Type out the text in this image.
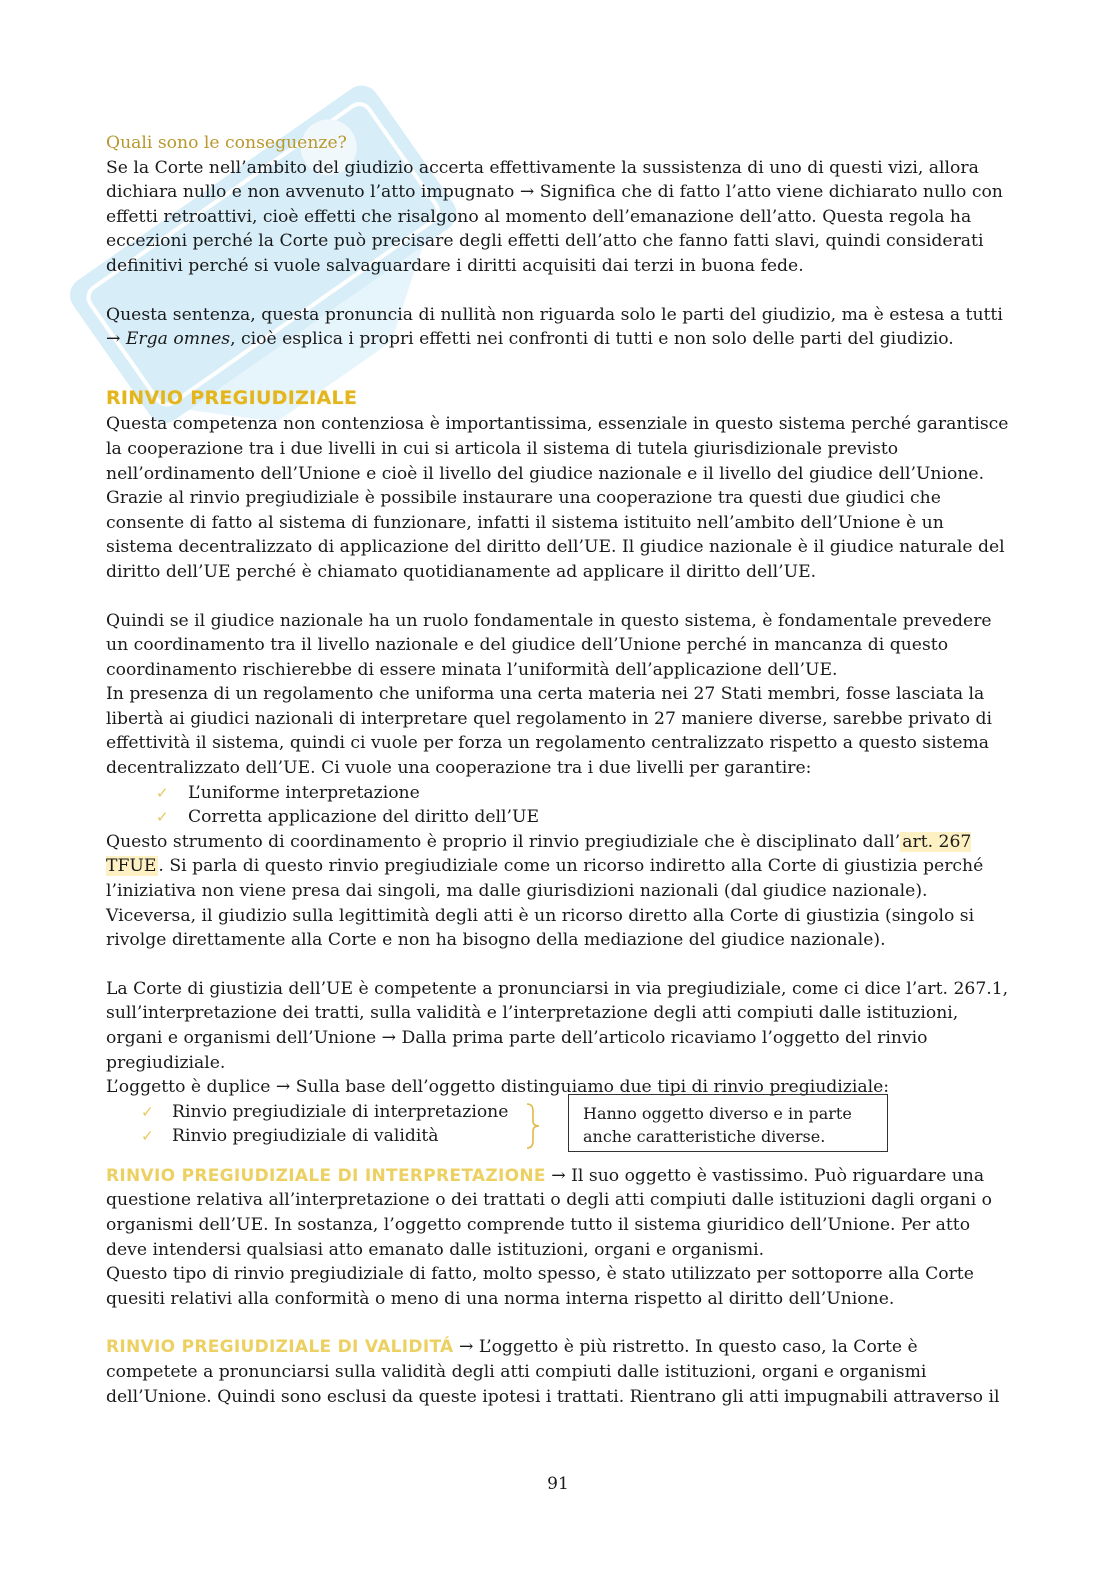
Quali sono le conseguenze?

Se la Corte nell’ambito del giudizio accerta effettivamente la sussistenza di uno di questi vizi, allora dichiara nullo e non avvenuto l’atto impugnato → Significa che di fatto l’atto viene dichiarato nullo con effetti retroattivi, cioè effetti che risalgono al momento dell’emanazione dell’atto. Questa regola ha eccezioni perché la Corte può precisare degli effetti dell’atto che fanno fatti slavi, quindi considerati definitivi perché si vuole salvaguardare i diritti acquisiti dai terzi in buona fede.

Questa sentenza, questa pronuncia di nullità non riguarda solo le parti del giudizio, ma è estesa a tutti → Erga omnes, cioè esplica i propri effetti nei confronti di tutti e non solo delle parti del giudizio.

RINVIO PREGIUDIZIALE

Questa competenza non contenziosa è importantissima, essenziale in questo sistema perché garantisce la cooperazione tra i due livelli in cui si articola il sistema di tutela giurisdizionale previsto nell’ordinamento dell’Unione e cioè il livello del giudice nazionale e il livello del giudice dell’Unione. Grazie al rinvio pregiudiziale è possibile instaurare una cooperazione tra questi due giudici che consente di fatto al sistema di funzionare, infatti il sistema istituito nell’ambito dell’Unione è un sistema decentralizzato di applicazione del diritto dell’UE. Il giudice nazionale è il giudice naturale del diritto dell’UE perché è chiamato quotidianamente ad applicare il diritto dell’UE.

Quindi se il giudice nazionale ha un ruolo fondamentale in questo sistema, è fondamentale prevedere un coordinamento tra il livello nazionale e del giudice dell’Unione perché in mancanza di questo coordinamento rischierebbe di essere minata l’uniformità dell’applicazione dell’UE.

In presenza di un regolamento che uniforma una certa materia nei 27 Stati membri, fosse lasciata la libertà ai giudici nazionali di interpretare quel regolamento in 27 maniere diverse, sarebbe privato di effettività il sistema, quindi ci vuole per forza un regolamento centralizzato rispetto a questo sistema decentralizzato dell’UE. Ci vuole una cooperazione tra i due livelli per garantire:

✓ L’uniforme interpretazione
✓ Corretta applicazione del diritto dell’UE

Questo strumento di coordinamento è proprio il rinvio pregiudiziale che è disciplinato dall’ art. 267 TFUE . Si parla di questo rinvio pregiudiziale come un ricorso indiretto alla Corte di giustizia perché l’iniziativa non viene presa dai singoli, ma dalle giurisdizioni nazionali (dal giudice nazionale). Viceversa, il giudizio sulla legittimità degli atti è un ricorso diretto alla Corte di giustizia (singolo si rivolge direttamente alla Corte e non ha bisogno della mediazione del giudice nazionale).

La Corte di giustizia dell’UE è competente a pronunciarsi in via pregiudiziale, come ci dice l’art. 267.1, sull’interpretazione dei tratti, sulla validità e l’interpretazione degli atti compiuti dalle istituzioni, organi e organismi dell’Unione → Dalla prima parte dell’articolo ricaviamo l’oggetto del rinvio pregiudiziale.

L’oggetto è duplice → Sulla base dell’oggetto distinguiamo due tipi di rinvio pregiudiziale:

✓ Rinvio pregiudiziale di interpretazione
✓ Rinvio pregiudiziale di validità
Hanno oggetto diverso e in parte anche caratteristiche diverse.

RINVIO PREGIUDIZIALE DI INTERPRETAZIONE → Il suo oggetto è vastissimo. Può riguardare una questione relativa all’interpretazione o dei trattati o degli atti compiuti dalle istituzioni dagli organi o organismi dell’UE. In sostanza, l’oggetto comprende tutto il sistema giuridico dell’Unione. Per atto deve intendersi qualsiasi atto emanato dalle istituzioni, organi e organismi.

Questo tipo di rinvio pregiudiziale di fatto, molto spesso, è stato utilizzato per sottoporre alla Corte quesiti relativi alla conformità o meno di una norma interna rispetto al diritto dell’Unione.

RINVIO PREGIUDIZIALE DI VALIDITÁ → L’oggetto è più ristretto. In questo caso, la Corte è competete a pronunciarsi sulla validità degli atti compiuti dalle istituzioni, organi e organismi dell’Unione. Quindi sono esclusi da queste ipotesi i trattati. Rientrano gli atti impugnabili attraverso il

91
